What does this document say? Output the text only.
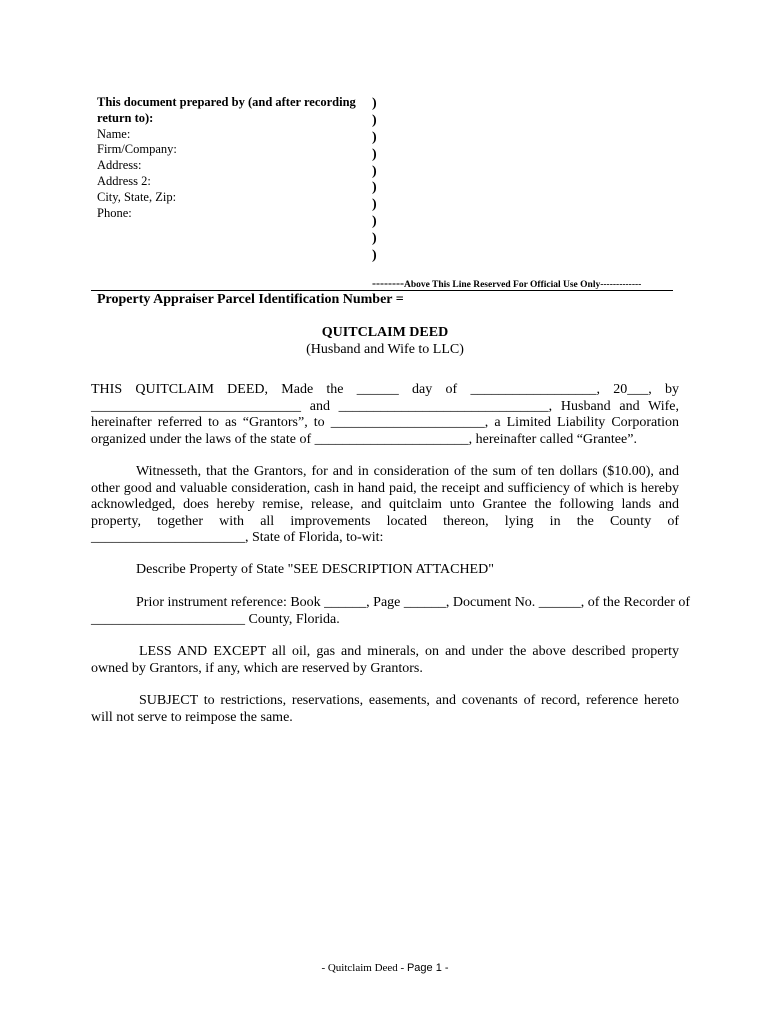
This document prepared by (and after recording
return to):
Name:
Firm/Company:
Address:
Address 2:
City, State, Zip:
Phone:
)
)
)
)
)
)
)
)
)
)
--------Above This Line Reserved For Official Use Only-------------
Property Appraiser Parcel Identification Number =
QUITCLAIM DEED
(Husband and Wife to LLC)
THIS QUITCLAIM DEED, Made the ______ day of __________________, 20___, by
______________________________ and ______________________________, Husband and Wife,
hereinafter referred to as “Grantors”, to ______________________, a Limited Liability Corporation
organized under the laws of the state of ______________________, hereinafter called “Grantee”.
Witnesseth, that the Grantors, for and in consideration of the sum of ten dollars ($10.00), and other good and valuable consideration, cash in hand paid, the receipt and sufficiency of which is hereby acknowledged, does hereby remise, release, and quitclaim unto Grantee the following lands and property, together with all improvements located thereon, lying in the County of ______________________, State of Florida, to-wit:
Describe Property of State "SEE DESCRIPTION ATTACHED"
Prior instrument reference: Book ______, Page ______, Document No. ______, of the Recorder of
______________________ County, Florida.
LESS AND EXCEPT all oil, gas and minerals, on and under the above described property owned by Grantors, if any, which are reserved by Grantors.
SUBJECT to restrictions, reservations, easements, and covenants of record, reference hereto will not serve to reimpose the same.
- Quitclaim Deed - Page 1 -
